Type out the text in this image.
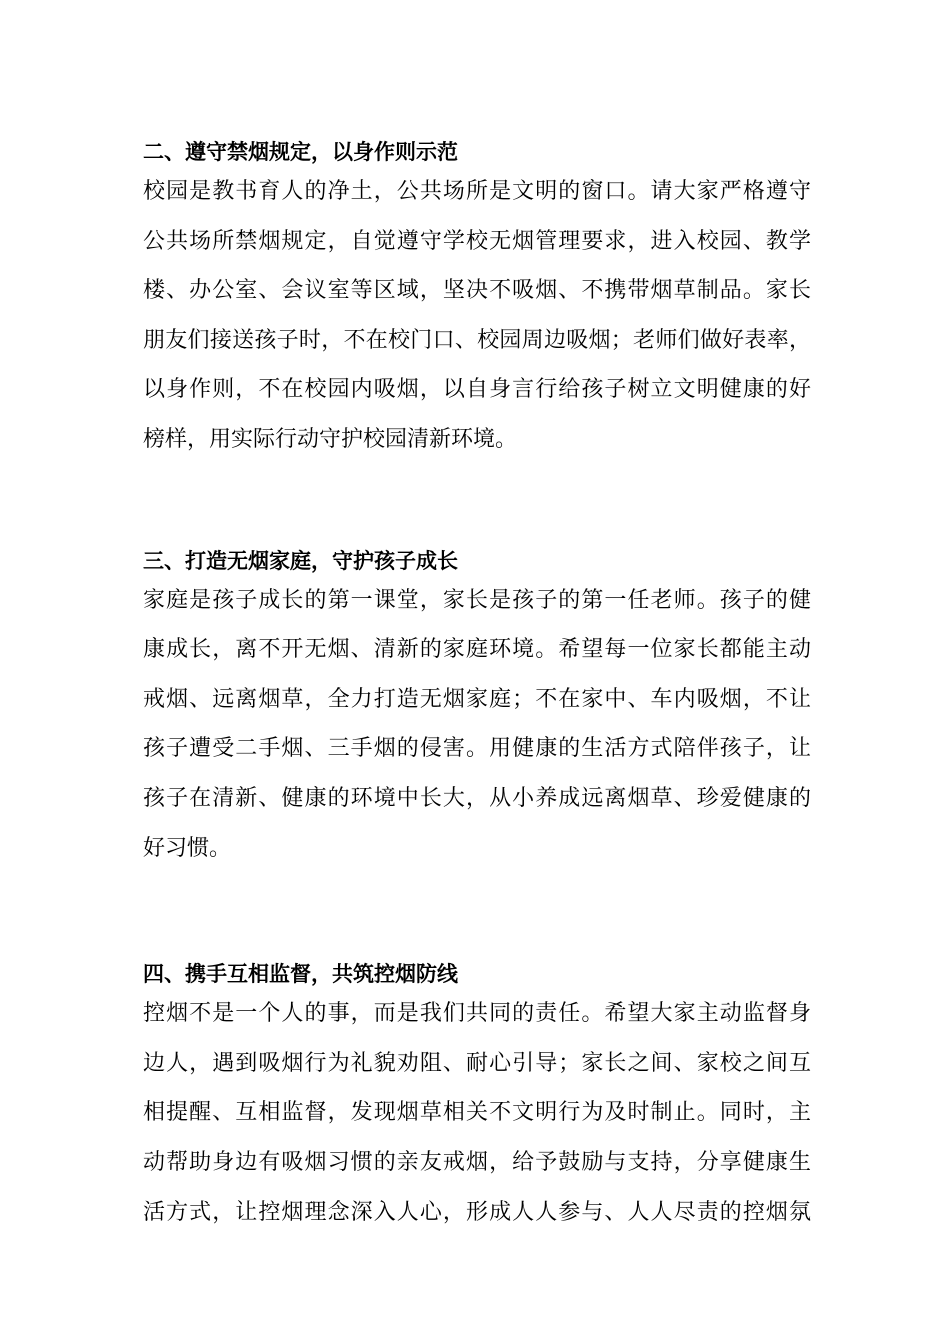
二、遵守禁烟规定，以身作则示范
校园是教书育人的净土，公共场所是文明的窗口。请大家严格遵守
公共场所禁烟规定，自觉遵守学校无烟管理要求，进入校园、教学
楼、办公室、会议室等区域，坚决不吸烟、不携带烟草制品。家长
朋友们接送孩子时，不在校门口、校园周边吸烟；老师们做好表率，
以身作则，不在校园内吸烟，以自身言行给孩子树立文明健康的好
榜样，用实际行动守护校园清新环境。
三、打造无烟家庭，守护孩子成长
家庭是孩子成长的第一课堂，家长是孩子的第一任老师。孩子的健
康成长，离不开无烟、清新的家庭环境。希望每一位家长都能主动
戒烟、远离烟草，全力打造无烟家庭；不在家中、车内吸烟，不让
孩子遭受二手烟、三手烟的侵害。用健康的生活方式陪伴孩子，让
孩子在清新、健康的环境中长大，从小养成远离烟草、珍爱健康的
好习惯。
四、携手互相监督，共筑控烟防线
控烟不是一个人的事，而是我们共同的责任。希望大家主动监督身
边人，遇到吸烟行为礼貌劝阻、耐心引导；家长之间、家校之间互
相提醒、互相监督，发现烟草相关不文明行为及时制止。同时，主
动帮助身边有吸烟习惯的亲友戒烟，给予鼓励与支持，分享健康生
活方式，让控烟理念深入人心，形成人人参与、人人尽责的控烟氛
